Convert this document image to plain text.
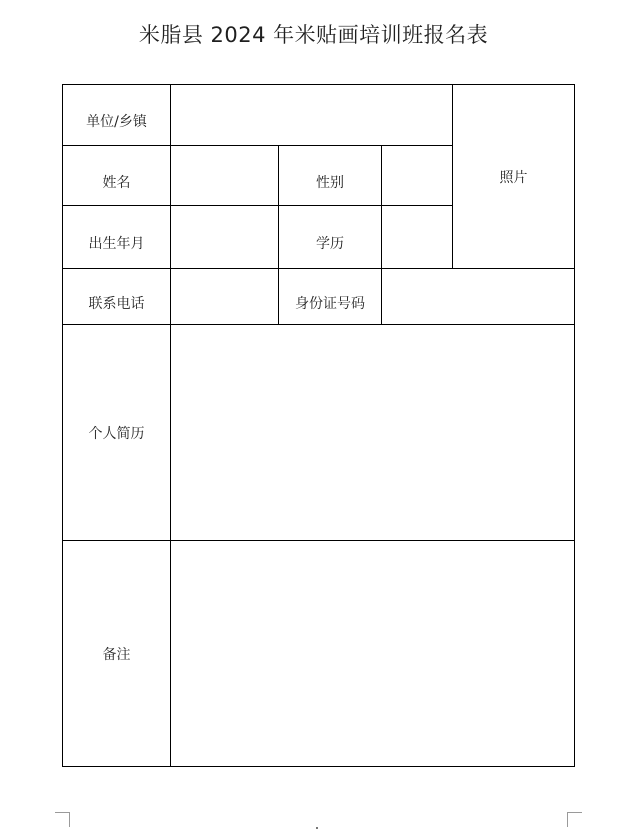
米脂县 2024 年米贴画培训班报名表
单位/乡镇				照片
姓名		性别		
出生年月		学历		
联系电话		身份证号码		
个人简历				
备注				
